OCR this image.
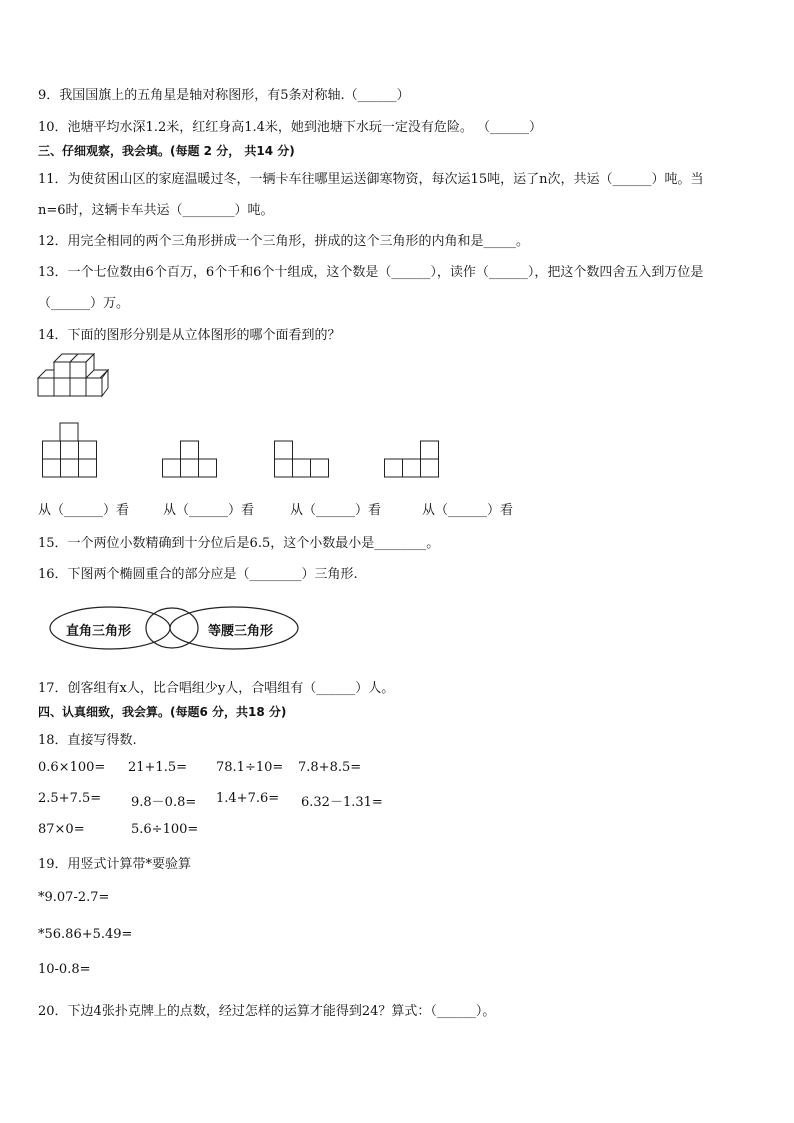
9．我国国旗上的五角星是轴对称图形，有5条对称轴.（______）
10．池塘平均水深1.2米，红红身高1.4米，她到池塘下水玩一定没有危险。 （______）
三、仔细观察，我会填。(每题 2 分， 共14 分)
11．为使贫困山区的家庭温暖过冬，一辆卡车往哪里运送御寒物资，每次运15吨，运了n次，共运（______）吨。当
n=6时，这辆卡车共运（________）吨。
12．用完全相同的两个三角形拼成一个三角形，拼成的这个三角形的内角和是_____。
13．一个七位数由6个百万，6个千和6个十组成，这个数是（______），读作（______），把这个数四舍五入到万位是
（______）万。
14．下面的图形分别是从立体图形的哪个面看到的？
从（______）看	从（______）看	从（______）看	从（______）看
15．一个两位小数精确到十分位后是6.5，这个小数最小是________。
16．下图两个椭圆重合的部分应是（________）三角形.
直角三角形	等腰三角形
17．创客组有x人，比合唱组少y人，合唱组有（______）人。
四、认真细致，我会算。(每题6 分，共18 分)
18．直接写得数.
0.6×100= 21+1.5= 78.1÷10= 7.8+8.5=
2.5+7.5= 9.8－0.8= 1.4+7.6= 6.32－1.31=
87×0=	5.6÷100=
19．用竖式计算带*要验算
*9.07-2.7=
*56.86+5.49=
10-0.8=
20．下边4张扑克牌上的点数，经过怎样的运算才能得到24？算式：（______）。
